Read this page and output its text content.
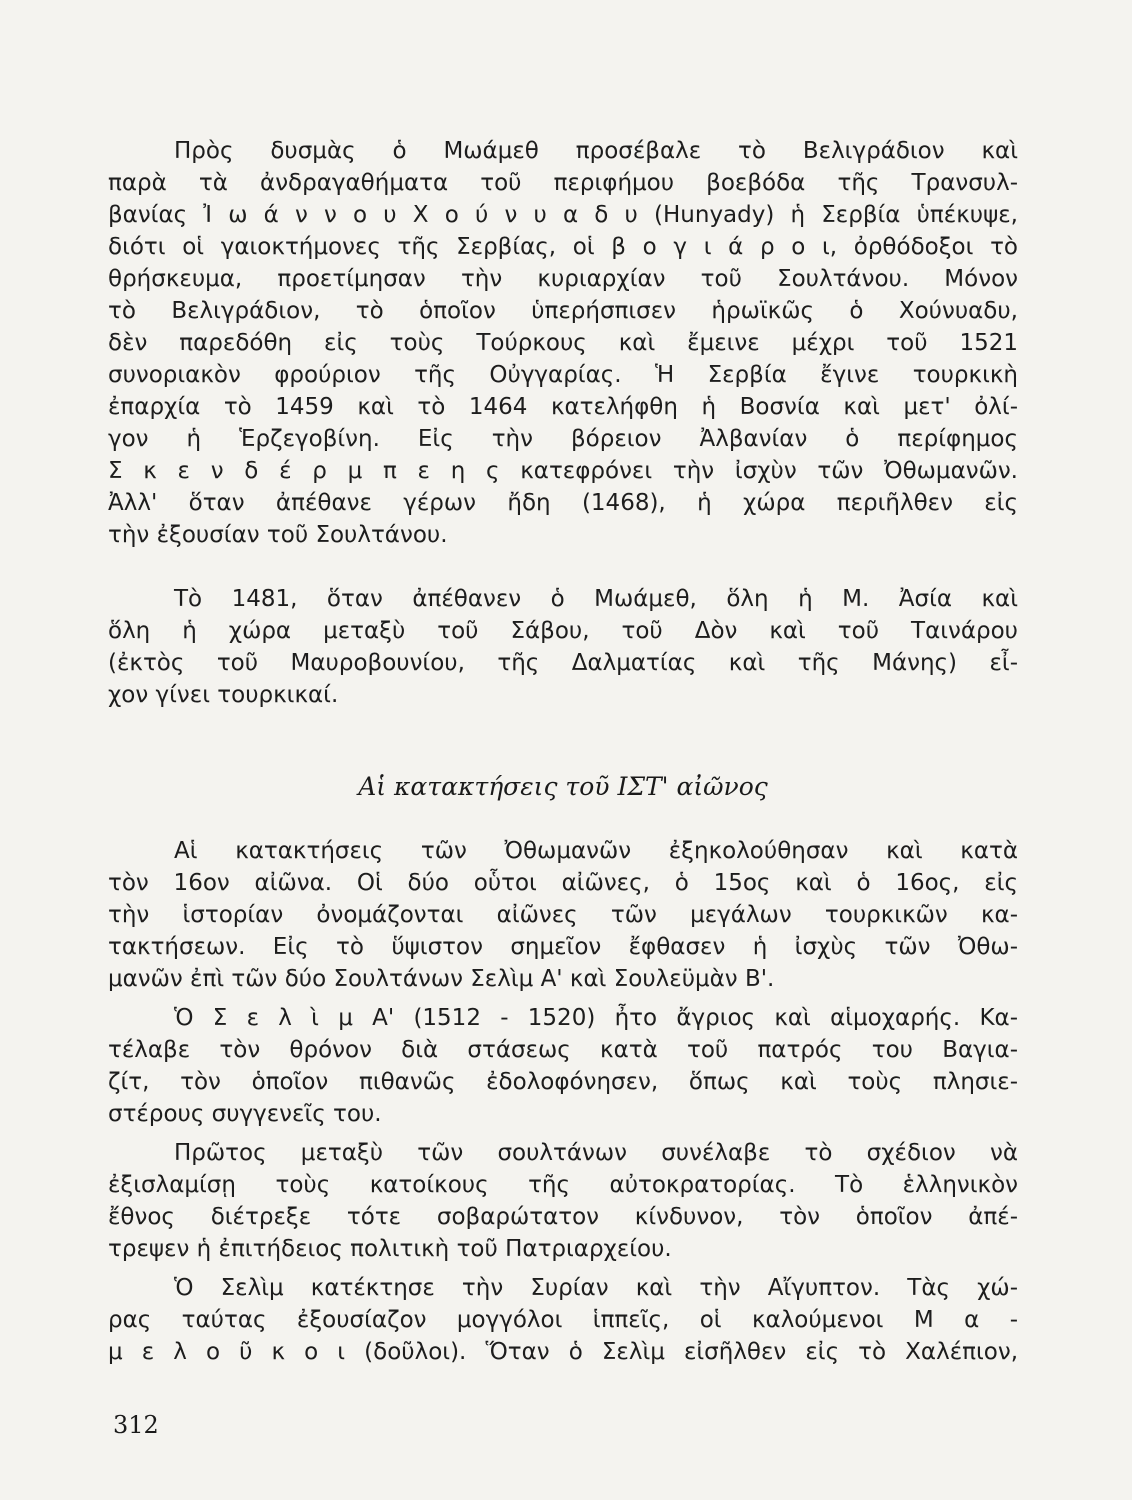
Πρὸς δυσμὰς ὁ Μωάμεθ προσέβαλε τὸ Βελιγράδιον καὶ
παρὰ τὰ ἀνδραγαθήματα τοῦ περιφήμου βοεβόδα τῆς Τρανσυλ-
βανίας Ἰ ω ά ν ν ο υ Χ ο ύ ν υ α δ υ (Hunyady) ἡ Σερβία ὑπέκυψε,
διότι οἱ γαιοκτήμονες τῆς Σερβίας, οἱ β ο γ ι ά ρ ο ι, ὀρθόδοξοι τὸ
θρήσκευμα, προετίμησαν τὴν κυριαρχίαν τοῦ Σουλτάνου. Μόνον
τὸ Βελιγράδιον, τὸ ὁποῖον ὑπερήσπισεν ἡρωϊκῶς ὁ Χούνυαδυ,
δὲν παρεδόθη εἰς τοὺς Τούρκους καὶ ἔμεινε μέχρι τοῦ 1521
συνοριακὸν φρούριον τῆς Οὐγγαρίας. Ἡ Σερβία ἔγινε τουρκικὴ
ἐπαρχία τὸ 1459 καὶ τὸ 1464 κατελήφθη ἡ Βοσνία καὶ μετ' ὀλί-
γον ἡ Ἑρζεγοβίνη. Εἰς τὴν βόρειον Ἀλβανίαν ὁ περίφημος
Σ κ ε ν δ έ ρ μ π ε η ς κατεφρόνει τὴν ἰσχὺν τῶν Ὀθωμανῶν.
Ἀλλ' ὅταν ἀπέθανε γέρων ἤδη (1468), ἡ χώρα περιῆλθεν εἰς
τὴν ἐξουσίαν τοῦ Σουλτάνου.
Τὸ 1481, ὅταν ἀπέθανεν ὁ Μωάμεθ, ὅλη ἡ Μ. Ἀσία καὶ
ὅλη ἡ χώρα μεταξὺ τοῦ Σάβου, τοῦ Δὸν καὶ τοῦ Ταινάρου
(ἐκτὸς τοῦ Μαυροβουνίου, τῆς Δαλματίας καὶ τῆς Μάνης) εἶ-
χον γίνει τουρκικαί.
Αἱ κατακτήσεις τοῦ ΙΣΤ' αἰῶνος
Αἱ κατακτήσεις τῶν Ὀθωμανῶν ἐξηκολούθησαν καὶ κατὰ
τὸν 16ον αἰῶνα. Οἱ δύο οὗτοι αἰῶνες, ὁ 15ος καὶ ὁ 16ος, εἰς
τὴν ἱστορίαν ὀνομάζονται αἰῶνες τῶν μεγάλων τουρκικῶν κα-
τακτήσεων. Εἰς τὸ ὕψιστον σημεῖον ἔφθασεν ἡ ἰσχὺς τῶν Ὀθω-
μανῶν ἐπὶ τῶν δύο Σουλτάνων Σελὶμ Α' καὶ Σουλεϋμὰν Β'.
Ὁ Σ ε λ ὶ μ Α' (1512 - 1520) ἦτο ἄγριος καὶ αἱμοχαρής. Κα-
τέλαβε τὸν θρόνον διὰ στάσεως κατὰ τοῦ πατρός του Βαγια-
ζίτ, τὸν ὁποῖον πιθανῶς ἐδολοφόνησεν, ὅπως καὶ τοὺς πλησιε-
στέρους συγγενεῖς του.
Πρῶτος μεταξὺ τῶν σουλτάνων συνέλαβε τὸ σχέδιον νὰ
ἐξισλαμίσῃ τοὺς κατοίκους τῆς αὐτοκρατορίας. Τὸ ἑλληνικὸν
ἔθνος διέτρεξε τότε σοβαρώτατον κίνδυνον, τὸν ὁποῖον ἀπέ-
τρεψεν ἡ ἐπιτήδειος πολιτικὴ τοῦ Πατριαρχείου.
Ὁ Σελὶμ κατέκτησε τὴν Συρίαν καὶ τὴν Αἴγυπτον. Τὰς χώ-
ρας ταύτας ἐξουσίαζον μογγόλοι ἱππεῖς, οἱ καλούμενοι Μ α -
μ ε λ ο ῦ κ ο ι (δοῦλοι). Ὅταν ὁ Σελὶμ εἰσῆλθεν εἰς τὸ Χαλέπιον,
312
